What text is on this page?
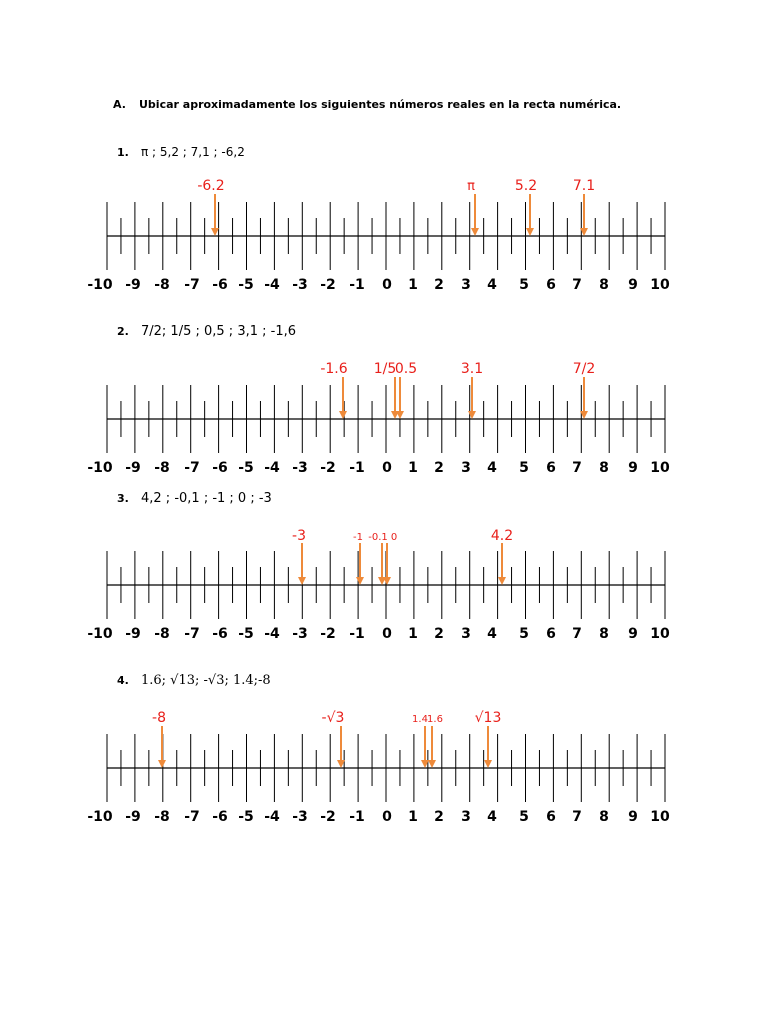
A. Ubicar aproximadamente los siguientes números reales en la recta numérica.
1. π ; 5,2 ; 7,1 ; -6,2
2. 7/2; 1/5 ; 0,5 ; 3,1 ; -1,6
3. 4,2 ; -0,1 ; -1 ; 0 ; -3
4. 1.6; √13; -√3; 1.4;-8
-10 -9 -8 -7 -6 -5 -4 -3 -2 -1 0 1 2 3 4 5 6 7 8 9 10
-6.2	π	5.2	7.1
-10 -9 -8 -7 -6 -5 -4 -3 -2 -1 0 1 2 3 4 5 6 7 8 9 10
-1.6 1/5
0.5	3.1	7/2
-10 -9 -8 -7 -6 -5 -4 -3 -2 -1 0 1 2 3 4 5 6 7 8 9 10
-3	-1 -0.1 0	4.2
-10 -9 -8 -7 -6 -5 -4 -3 -2 -1 0 1 2 3 4 5 6 7 8 9 10
-8	-√3	1.4 1.6 √13
